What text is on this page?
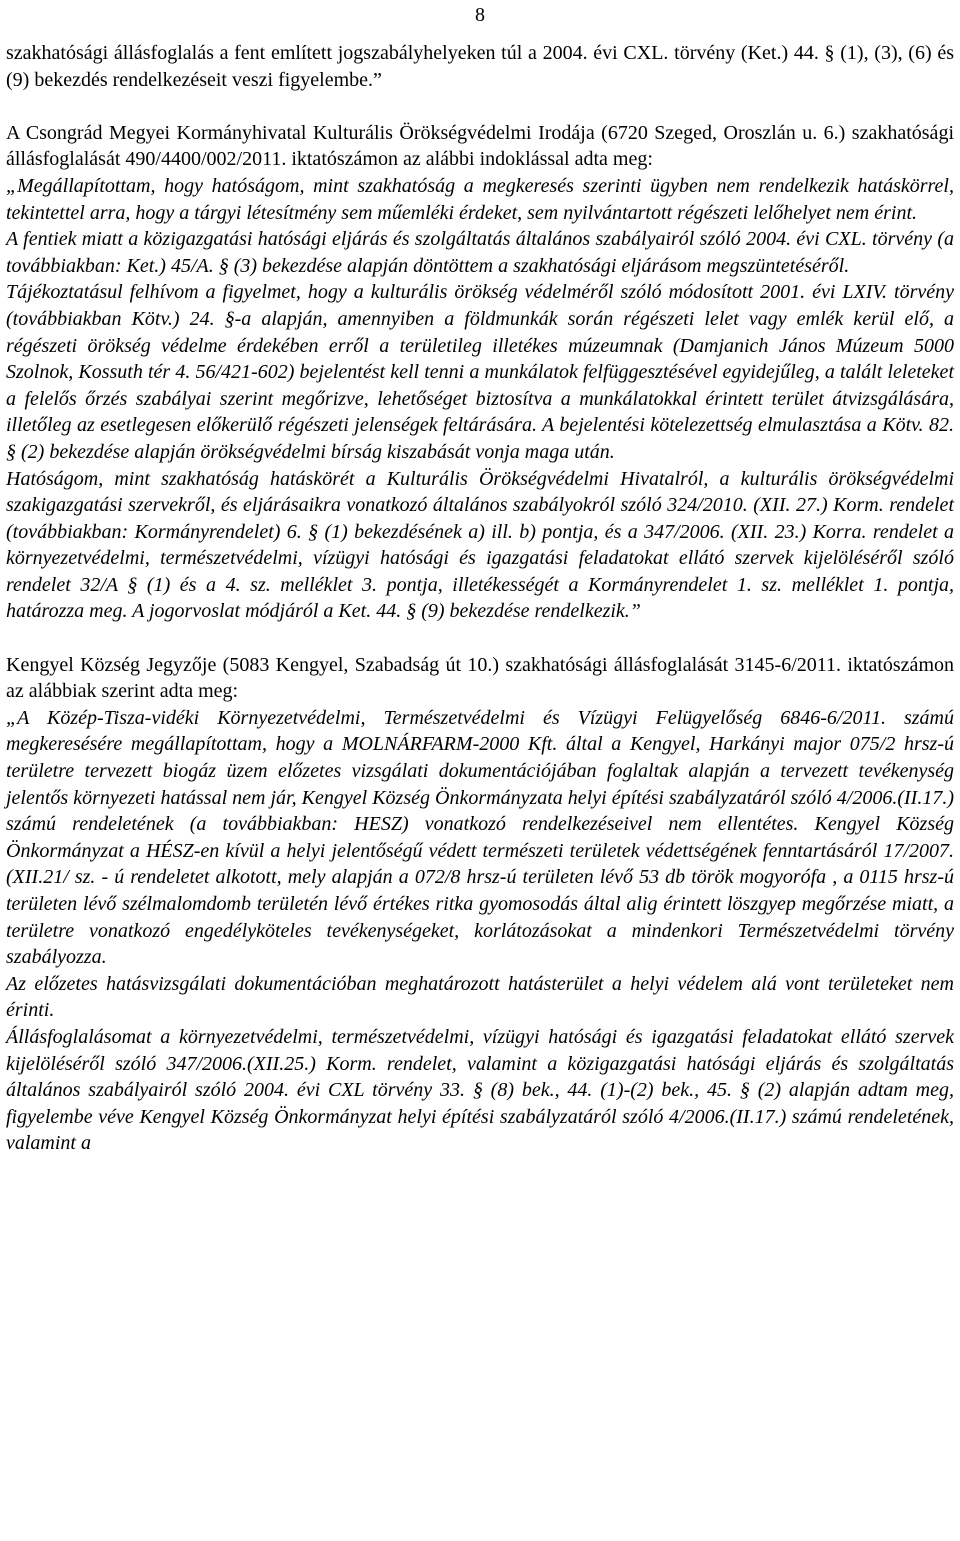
8

szakhatósági állásfoglalás a fent említett jogszabályhelyeken túl a 2004. évi CXL. törvény (Ket.) 44. § (1), (3), (6) és (9) bekezdés rendelkezéseit veszi figyelembe.”

A Csongrád Megyei Kormányhivatal Kulturális Örökségvédelmi Irodája (6720 Szeged, Oroszlán u. 6.) szakhatósági állásfoglalását 490/4400/002/2011. iktatószámon az alábbi indoklással adta meg:

„Megállapítottam, hogy hatóságom, mint szakhatóság a megkeresés szerinti ügyben nem rendelkezik hatáskörrel, tekintettel arra, hogy a tárgyi létesítmény sem műemléki érdeket, sem nyilvántartott régészeti lelőhelyet nem érint.

A fentiek miatt a közigazgatási hatósági eljárás és szolgáltatás általános szabályairól szóló 2004. évi CXL. törvény (a továbbiakban: Ket.) 45/A. § (3) bekezdése alapján döntöttem a szakhatósági eljárásom megszüntetéséről.

Tájékoztatásul felhívom a figyelmet, hogy a kulturális örökség védelméről szóló módosított 2001. évi LXIV. törvény (továbbiakban Kötv.) 24. §-a alapján, amennyiben a földmunkák során régészeti lelet vagy emlék kerül elő, a régészeti örökség védelme érdekében erről a területileg illetékes múzeumnak (Damjanich János Múzeum 5000 Szolnok, Kossuth tér 4. 56/421-602) bejelentést kell tenni a munkálatok felfüggesztésével egyidejűleg, a talált leleteket a felelős őrzés szabályai szerint megőrizve, lehetőséget biztosítva a munkálatokkal érintett terület átvizsgálására, illetőleg az esetlegesen előkerülő régészeti jelenségek feltárására. A bejelentési kötelezettség elmulasztása a Kötv. 82. § (2) bekezdése alapján örökségvédelmi bírság kiszabását vonja maga után.

Hatóságom, mint szakhatóság hatáskörét a Kulturális Örökségvédelmi Hivatalról, a kulturális örökségvédelmi szakigazgatási szervekről, és eljárásaikra vonatkozó általános szabályokról szóló 324/2010. (XII. 27.) Korm. rendelet (továbbiakban: Kormányrendelet) 6. § (1) bekezdésének a) ill. b) pontja, és a 347/2006. (XII. 23.) Korra. rendelet a környezetvédelmi, természetvédelmi, vízügyi hatósági és igazgatási feladatokat ellátó szervek kijelöléséről szóló rendelet 32/A § (1) és a 4. sz. melléklet 3. pontja, illetékességét a Kormányrendelet 1. sz. melléklet 1. pontja, határozza meg. A jogorvoslat módjáról a Ket. 44. § (9) bekezdése rendelkezik.”

Kengyel Község Jegyzője (5083 Kengyel, Szabadság út 10.) szakhatósági állásfoglalását 3145-6/2011. iktatószámon az alábbiak szerint adta meg:

„A Közép-Tisza-vidéki Környezetvédelmi, Természetvédelmi és Vízügyi Felügyelőség 6846-6/2011. számú megkeresésére megállapítottam, hogy a MOLNÁRFARM-2000 Kft. által a Kengyel, Harkányi major 075/2 hrsz-ú területre tervezett biogáz üzem előzetes vizsgálati dokumentációjában foglaltak alapján a tervezett tevékenység jelentős környezeti hatással nem jár, Kengyel Község Önkormányzata helyi építési szabályzatáról szóló 4/2006.(II.17.) számú rendeletének (a továbbiakban: HESZ) vonatkozó rendelkezéseivel nem ellentétes. Kengyel Község Önkormányzat a HÉSZ-en kívül a helyi jelentőségű védett természeti területek védettségének fenntartásáról 17/2007.(XII.21/ sz. - ú rendeletet alkotott, mely alapján a 072/8 hrsz-ú területen lévő 53 db török mogyorófa , a 0115 hrsz-ú területen lévő szélmalomdomb területén lévő értékes ritka gyomosodás által alig érintett löszgyep megőrzése miatt, a területre vonatkozó engedélyköteles tevékenységeket, korlátozásokat a mindenkori Természetvédelmi törvény szabályozza.

Az előzetes hatásvizsgálati dokumentációban meghatározott hatásterület a helyi védelem alá vont területeket nem érinti.

Állásfoglalásomat a környezetvédelmi, természetvédelmi, vízügyi hatósági és igazgatási feladatokat ellátó szervek kijelöléséről szóló 347/2006.(XII.25.) Korm. rendelet, valamint a közigazgatási hatósági eljárás és szolgáltatás általános szabályairól szóló 2004. évi CXL törvény 33. § (8) bek., 44. (1)-(2) bek., 45. § (2) alapján adtam meg, figyelembe véve Kengyel Község Önkormányzat helyi építési szabályzatáról szóló 4/2006.(II.17.) számú rendeletének, valamint a
